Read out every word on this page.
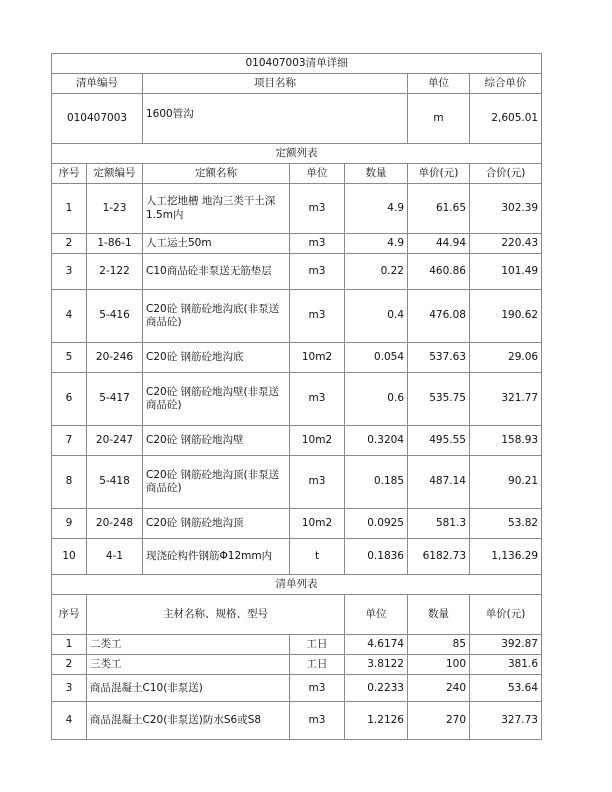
010407003清单详细							
清单编号		项目名称			单位	综合单价	
010407003		1600管沟			m	2,605.01	
定额列表							
序号	定额编号	定额名称	单位	数量	单价(元)	合价(元)	
1	1-23	人工挖地槽 地沟三类干土深1.5m内	m3	4.9	61.65	302.39	
2	1-86-1	人工运土50m	m3	4.9	44.94	220.43	
3	2-122	C10商品砼非泵送无筋垫层	m3	0.22	460.86	101.49	
4	5-416	C20砼 钢筋砼地沟底(非泵送商品砼)	m3	0.4	476.08	190.62	
5	20-246	C20砼 钢筋砼地沟底	10m2	0.054	537.63	29.06	
6	5-417	C20砼 钢筋砼地沟壁(非泵送商品砼)	m3	0.6	535.75	321.77	
7	20-247	C20砼 钢筋砼地沟壁	10m2	0.3204	495.55	158.93	
8	5-418	C20砼 钢筋砼地沟顶(非泵送商品砼)	m3	0.185	487.14	90.21	
9	20-248	C20砼 钢筋砼地沟顶	10m2	0.0925	581.3	53.82	
10	4-1	现浇砼构件钢筋Φ12mm内	t	0.1836	6182.73	1,136.29	
清单列表							
序号	主材名称、规格、型号			单位	数量	单价(元)	
1	二类工	工日	4.6174	85	392.87
2	三类工	工日	3.8122	100	381.6
3	商品混凝土C10(非泵送)	m3	0.2233	240	53.64
4	商品混凝土C20(非泵送)防水S6或S8	m3	1.2126	270	327.73
